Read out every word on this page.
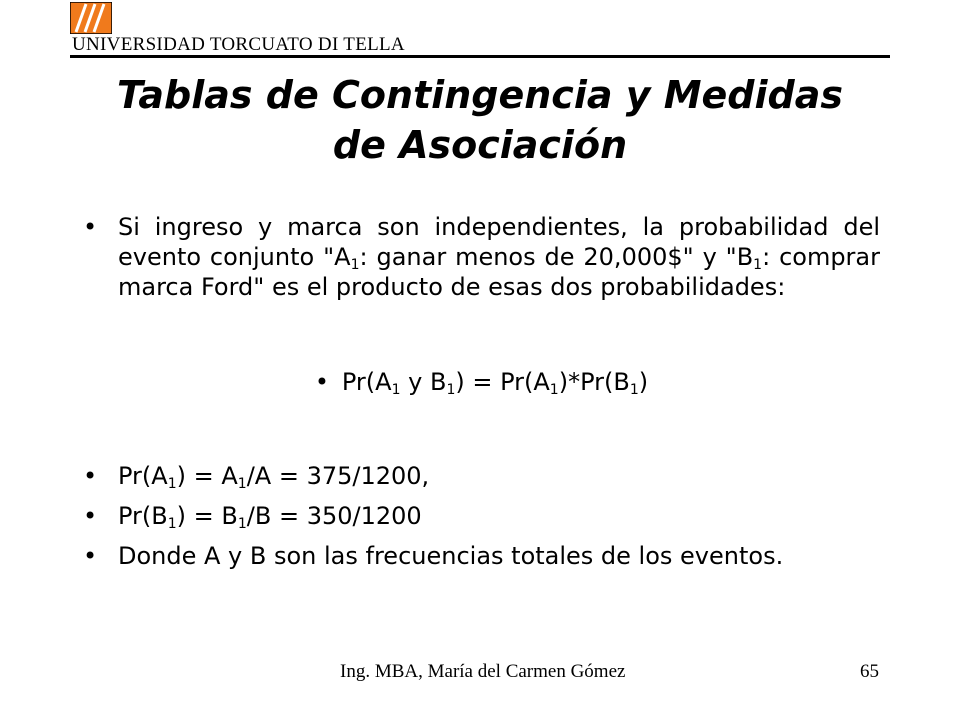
UNIVERSIDAD TORCUATO DI TELLA
Tablas de Contingencia y Medidas
de Asociación
• Si ingreso y marca son independientes, la probabilidad del evento conjunto "$A_1$: ganar menos de 20,000$" y "$B_1$: comprar marca Ford" es el producto de esas dos probabilidades:
• $Pr(A_1$ y $B_1) = Pr(A_1)*Pr(B_1)$
• $Pr(A_1) = A_1/A = 375/1200$,
• $Pr(B_1) = B_1/B = 350/1200$
• Donde A y B son las frecuencias totales de los eventos.
Ing. MBA, María del Carmen Gómez	65
